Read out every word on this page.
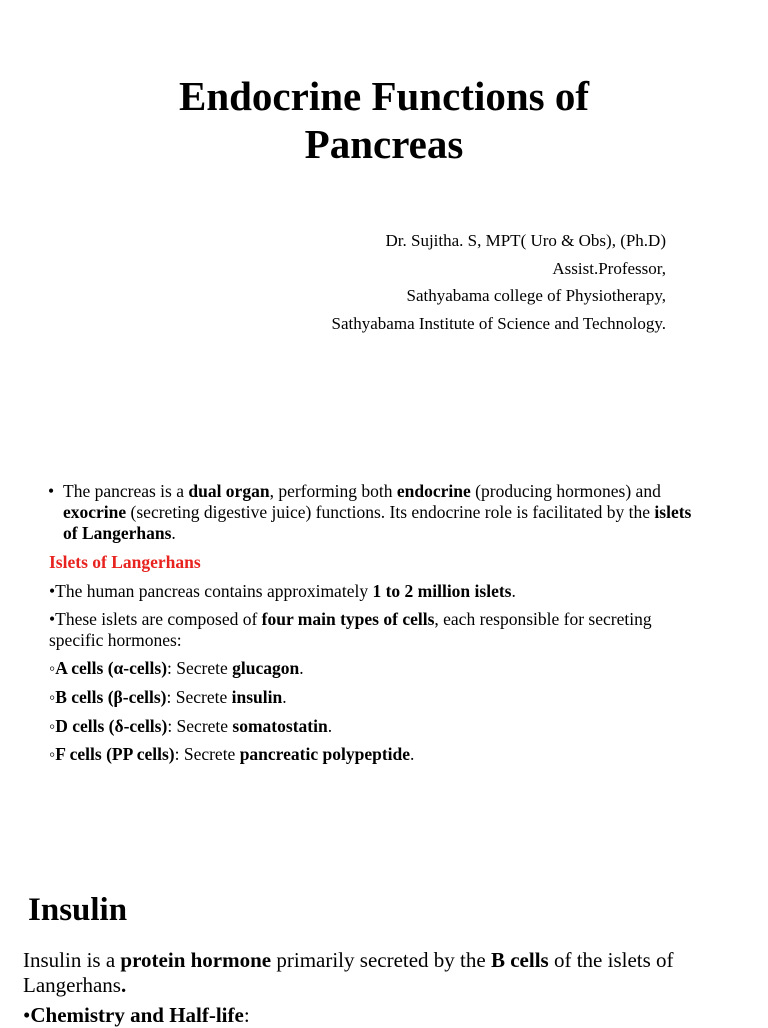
Endocrine Functions of
Pancreas
Dr. Sujitha. S, MPT( Uro & Obs), (Ph.D)
Assist.Professor,
Sathyabama college of Physiotherapy,
Sathyabama Institute of Science and Technology.
• The pancreas is a dual organ, performing both endocrine (producing hormones) and exocrine (secreting digestive juice) functions. Its endocrine role is facilitated by the islets of Langerhans.
Islets of Langerhans
•The human pancreas contains approximately 1 to 2 million islets.
•These islets are composed of four main types of cells, each responsible for secreting specific hormones:
◦A cells (α-cells): Secrete glucagon.
◦B cells (β-cells): Secrete insulin.
◦D cells (δ-cells): Secrete somatostatin.
◦F cells (PP cells): Secrete pancreatic polypeptide.
Insulin
Insulin is a protein hormone primarily secreted by the B cells of the islets of Langerhans.
•Chemistry and Half-life:
